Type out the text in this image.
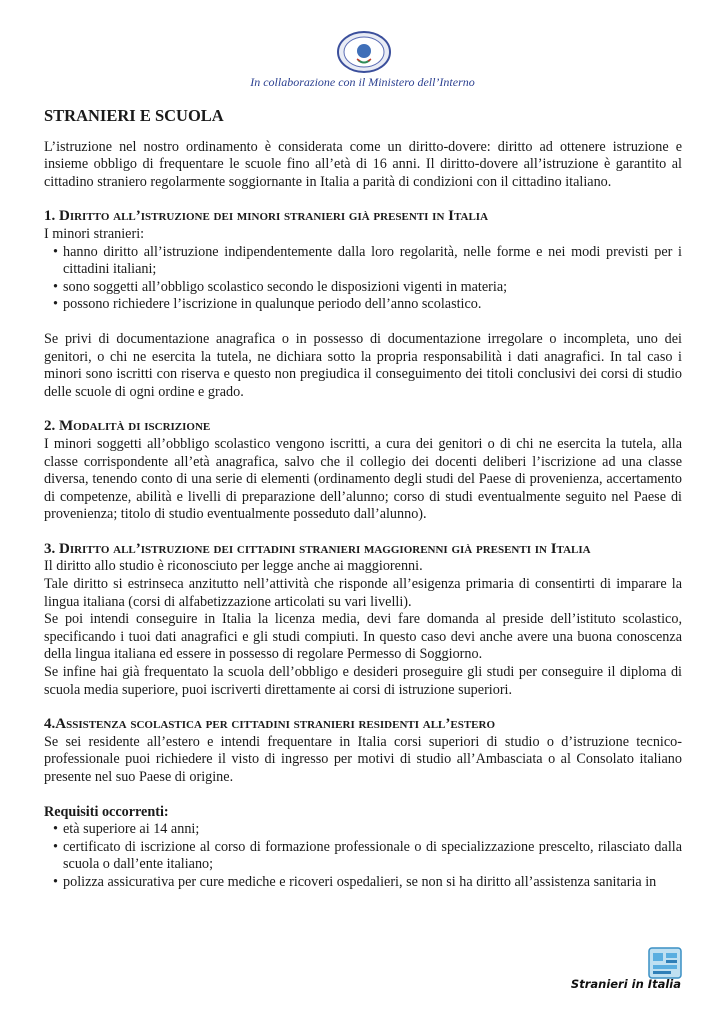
In collaborazione con il Ministero dell’Interno
STRANIERI E SCUOLA

L’istruzione nel nostro ordinamento è considerata come un diritto-dovere: diritto ad ottenere istruzione e insieme obbligo di frequentare le scuole fino all’età di 16 anni. Il diritto-dovere all’istruzione è garantito al cittadino straniero regolarmente soggiornante in Italia a parità di condizioni con il cittadino italiano.

1. Diritto all’istruzione dei minori stranieri già presenti in Italia

I minori stranieri:

• hanno diritto all’istruzione indipendentemente dalla loro regolarità, nelle forme e nei modi previsti per i cittadini italiani;
• sono soggetti all’obbligo scolastico secondo le disposizioni vigenti in materia;
• possono richiedere l’iscrizione in qualunque periodo dell’anno scolastico.

Se privi di documentazione anagrafica o in possesso di documentazione irregolare o incompleta, uno dei genitori, o chi ne esercita la tutela, ne dichiara sotto la propria responsabilità i dati anagrafici. In tal caso i minori sono iscritti con riserva e questo non pregiudica il conseguimento dei titoli conclusivi dei corsi di studio delle scuole di ogni ordine e grado.

2. Modalità di iscrizione

I minori soggetti all’obbligo scolastico vengono iscritti, a cura dei genitori o di chi ne esercita la tutela, alla classe corrispondente all’età anagrafica, salvo che il collegio dei docenti deliberi l’iscrizione ad una classe diversa, tenendo conto di una serie di elementi (ordinamento degli studi del Paese di provenienza, accertamento di competenze, abilità e livelli di preparazione dell’alunno; corso di studi eventualmente seguito nel Paese di provenienza; titolo di studio eventualmente posseduto dall’alunno).

3. Diritto all’istruzione dei cittadini stranieri maggiorenni già presenti in Italia

Il diritto allo studio è riconosciuto per legge anche ai maggiorenni.

Tale diritto si estrinseca anzitutto nell’attività che risponde all’esigenza primaria di consentirti di imparare la lingua italiana (corsi di alfabetizzazione articolati su vari livelli).

Se poi intendi conseguire in Italia la licenza media, devi fare domanda al preside dell’istituto scolastico, specificando i tuoi dati anagrafici e gli studi compiuti. In questo caso devi anche avere una buona conoscenza della lingua italiana ed essere in possesso di regolare Permesso di Soggiorno.

Se infine hai già frequentato la scuola dell’obbligo e desideri proseguire gli studi per conseguire il diploma di scuola media superiore, puoi iscriverti direttamente ai corsi di istruzione superiori.

4.Assistenza scolastica per cittadini stranieri residenti all’estero

Se sei residente all’estero e intendi frequentare in Italia corsi superiori di studio o d’istruzione tecnico-professionale puoi richiedere il visto di ingresso per motivi di studio all’Ambasciata o al Consolato italiano presente nel suo Paese di origine.

Requisiti occorrenti:
• età superiore ai 14 anni;
• certificato di iscrizione al corso di formazione professionale o di specializzazione prescelto, rilasciato dalla scuola o dall’ente italiano;
• polizza assicurativa per cure mediche e ricoveri ospedalieri, se non si ha diritto all’assistenza sanitaria in
Stranieri in Italia
